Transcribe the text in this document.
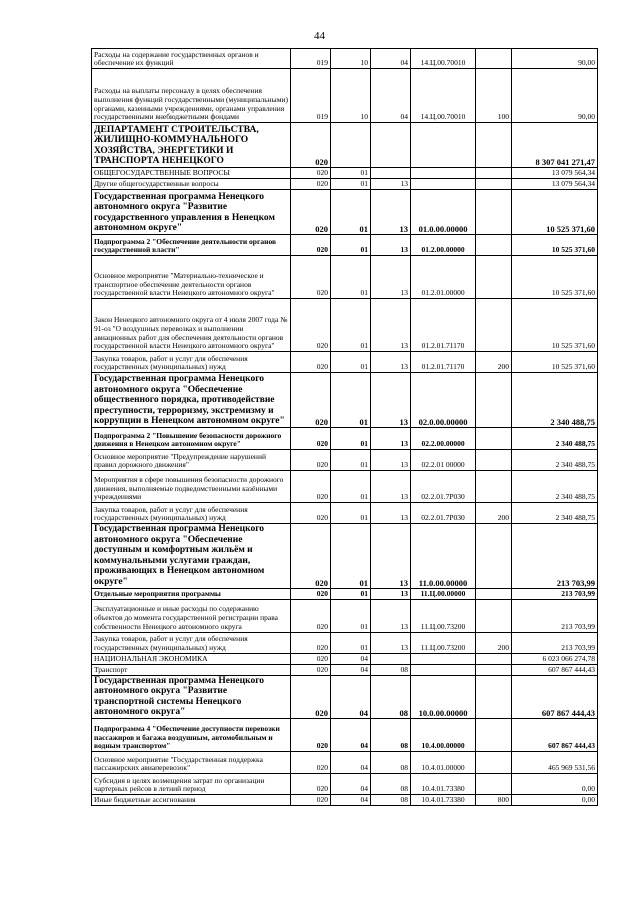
44
Расходы на содержание государственных органов и обеспечение их функций	019	10	04	14.Ц.00.70010		90,00
Расходы на выплаты персоналу в целях обеспечения выполнения функций государственными (муниципальными) органами, казенными учреждениями, органами управления государственными внебюджетными фондами	019	10	04	14.Ц.00.70010	100	90,00
ДЕПАРТАМЕНТ СТРОИТЕЛЬСТВА, ЖИЛИЩНО-КОММУНАЛЬНОГО ХОЗЯЙСТВА, ЭНЕРГЕТИКИ И ТРАНСПОРТА НЕНЕЦКОГО	020					8 307 041 271,47
ОБЩЕГОСУДАРСТВЕННЫЕ ВОПРОСЫ	020	01				13 079 564,34
Другие общегосударственные вопросы	020	01	13			13 079 564,34
Государственная программа Ненецкого автономного округа "Развитие государственного управления в Ненецком автономном округе"	020	01	13	01.0.00.00000		10 525 371,60
Подпрограмма 2 "Обеспечение деятельности органов государственной власти"	020	01	13	01.2.00.00000		10 525 371,60
Основное мероприятие "Материально-техническое и транспортное обеспечение деятельности органов государственной власти Ненецкого автономного округа"	020	01	13	01.2.01.00000		10 525 371,60
Закон Ненецкого автономного округа от 4 июля 2007 года № 91-оз "О воздушных перевозках и выполнении авиационных работ для обеспечения деятельности органов государственной власти Ненецкого автономного округа"	020	01	13	01.2.01.71170		10 525 371,60
Закупка товаров, работ и услуг для обеспечения государственных (муниципальных) нужд	020	01	13	01.2.01.71170	200	10 525 371,60
Государственная программа Ненецкого автономного округа "Обеспечение общественного порядка, противодействие преступности, терроризму, экстремизму и коррупции в Ненецком автономном округе"	020	01	13	02.0.00.00000		2 340 488,75
Подпрограмма 2 "Повышение безопасности дорожного движения в Ненецком автономном округе"	020	01	13	02.2.00.00000		2 340 488,75
Основное мероприятие "Предупреждение нарушений правил дорожного движения"	020	01	13	02.2.01 00000		2 340 488,75
Мероприятия в сфере повышения безопасности дорожного движения, выполняемые подведомственными казёнными учреждениями	020	01	13	02.2.01.7Р030		2 340 488,75
Закупка товаров, работ и услуг для обеспечения государственных (муниципальных) нужд	020	01	13	02.2.01.7Р030	200	2 340 488,75
Государственная программа Ненецкого автономного округа "Обеспечение доступным и комфортным жильём и коммунальными услугами граждан, проживающих в Ненецком автономном округе"	020	01	13	11.0.00.00000		213 703,99
Отдельные мероприятия программы	020	01	13	11.Ц.00.00000		213 703,99
Эксплуатационные и иные расходы по содержанию объектов до момента государственной регистрации права собственности Ненецкого автономного округа	020	01	13	11.Ц.00.73200		213 703,99
Закупка товаров, работ и услуг для обеспечения государственных (муниципальных) нужд	020	01	13	11.Ц.00.73200	200	213 703,99
НАЦИОНАЛЬНАЯ ЭКОНОМИКА	020	04				6 023 066 274,78
Транспорт	020	04	08			607 867 444,43
Государственная программа Ненецкого автономного округа "Развитие транспортной системы Ненецкого автономного округа"	020	04	08	10.0.00.00000		607 867 444,43
Подпрограмма 4 "Обеспечение доступности перевозки пассажиров и багажа воздушным, автомобильным и водным транспортом"	020	04	08	10.4.00.00000		607 867 444,43
Основное мероприятие "Государственная поддержка пассажирских авиаперевозок"	020	04	08	10.4.01.00000		465 969 531,56
Субсидия в целях возмещения затрат по организации чартерных рейсов в летний период	020	04	08	10.4.01.73380		0,00
Иные бюджетные ассигнования	020	04	08	10.4.01.73380	800	0,00
